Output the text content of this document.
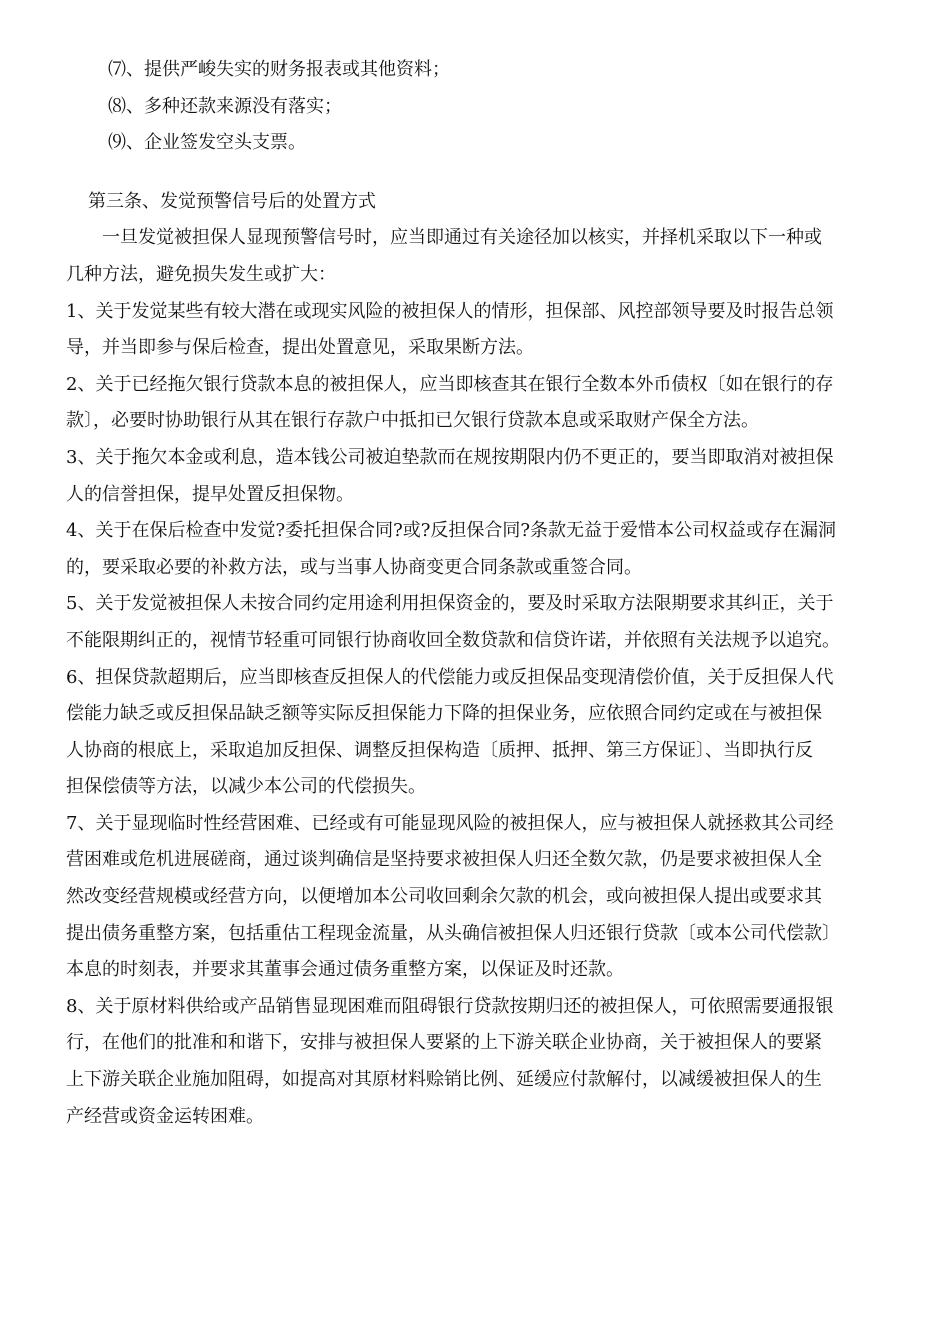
⑺、提供严峻失实的财务报表或其他资料；
⑻、多种还款来源没有落实；
⑼、企业签发空头支票。
第三条、发觉预警信号后的处置方式
一旦发觉被担保人显现预警信号时，应当即通过有关途径加以核实，并择机采取以下一种或
几种方法，避免损失发生或扩大：
1、关于发觉某些有较大潜在或现实风险的被担保人的情形，担保部、风控部领导要及时报告总领
导，并当即参与保后检查，提出处置意见，采取果断方法。
2、关于已经拖欠银行贷款本息的被担保人，应当即核查其在银行全数本外币债权〔如在银行的存
款〕，必要时协助银行从其在银行存款户中抵扣已欠银行贷款本息或采取财产保全方法。
3、关于拖欠本金或利息，造本钱公司被迫垫款而在规按期限内仍不更正的，要当即取消对被担保
人的信誉担保，提早处置反担保物。
4、关于在保后检查中发觉?委托担保合同?或?反担保合同?条款无益于爱惜本公司权益或存在漏洞
的，要采取必要的补救方法，或与当事人协商变更合同条款或重签合同。
5、关于发觉被担保人未按合同约定用途利用担保资金的，要及时采取方法限期要求其纠正，关于
不能限期纠正的，视情节轻重可同银行协商收回全数贷款和信贷许诺，并依照有关法规予以追究。
6、担保贷款超期后，应当即核查反担保人的代偿能力或反担保品变现清偿价值，关于反担保人代
偿能力缺乏或反担保品缺乏额等实际反担保能力下降的担保业务，应依照合同约定或在与被担保
人协商的根底上，采取追加反担保、调整反担保构造〔质押、抵押、第三方保证〕、当即执行反
担保偿债等方法，以减少本公司的代偿损失。
7、关于显现临时性经营困难、已经或有可能显现风险的被担保人，应与被担保人就拯救其公司经
营困难或危机进展磋商，通过谈判确信是坚持要求被担保人归还全数欠款，仍是要求被担保人全
然改变经营规模或经营方向，以便增加本公司收回剩余欠款的机会，或向被担保人提出或要求其
提出债务重整方案，包括重估工程现金流量，从头确信被担保人归还银行贷款〔或本公司代偿款〕
本息的时刻表，并要求其董事会通过债务重整方案，以保证及时还款。
8、关于原材料供给或产品销售显现困难而阻碍银行贷款按期归还的被担保人，可依照需要通报银
行，在他们的批准和和谐下，安排与被担保人要紧的上下游关联企业协商，关于被担保人的要紧
上下游关联企业施加阻碍，如提高对其原材料赊销比例、延缓应付款解付，以减缓被担保人的生
产经营或资金运转困难。
